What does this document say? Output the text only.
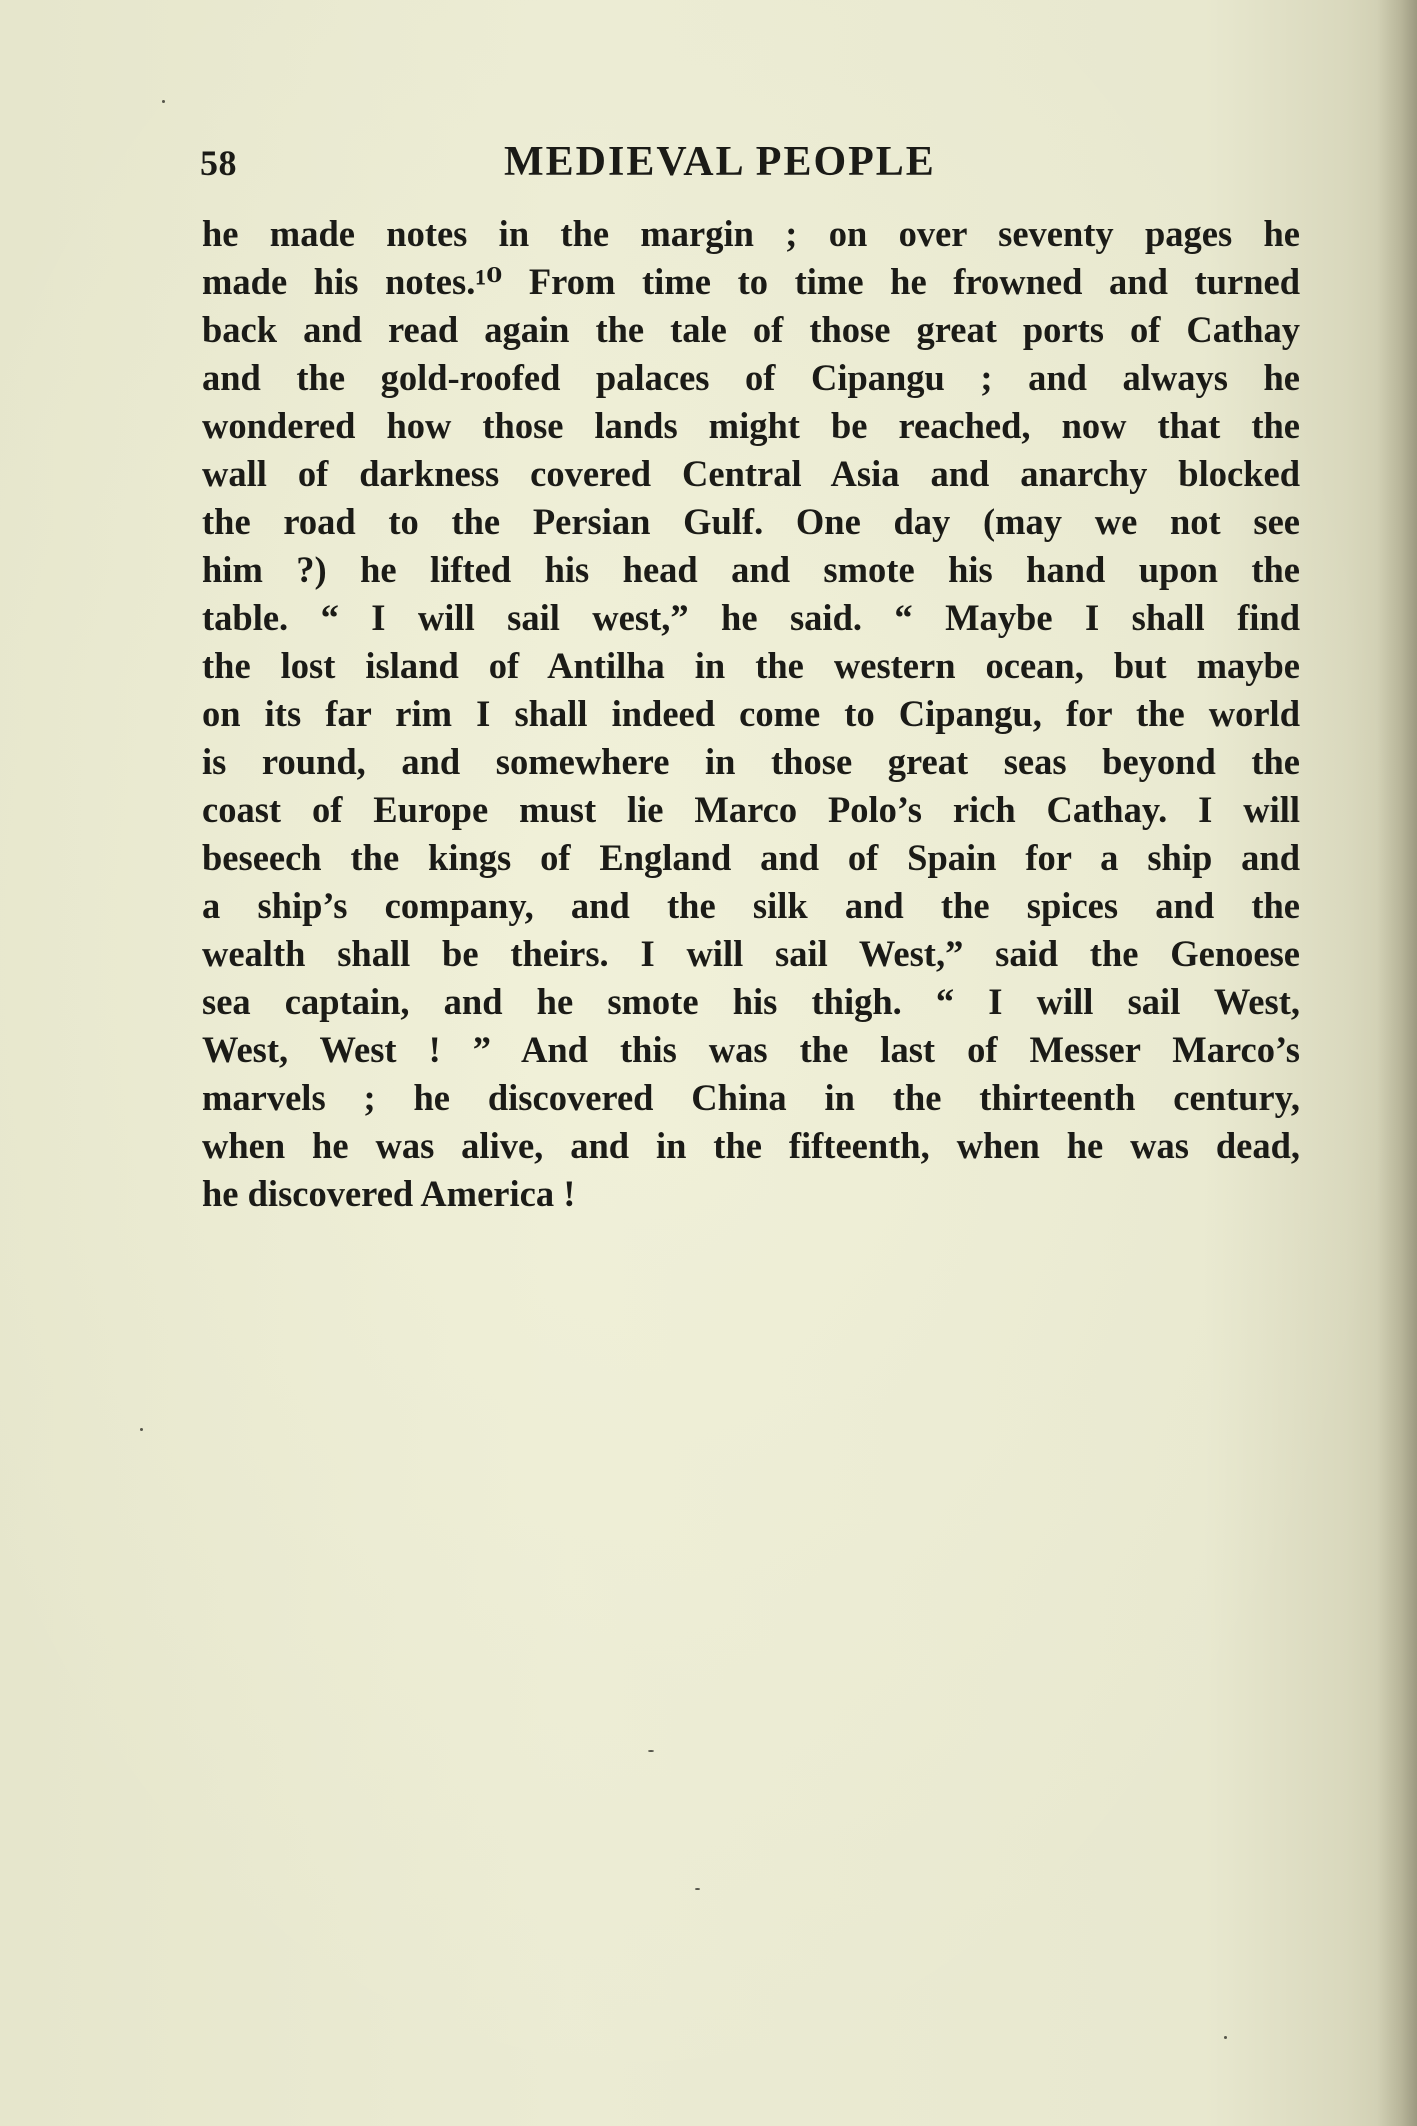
58	MEDIEVAL PEOPLE
he made notes in the margin ; on over seventy pages he
made his notes.¹⁰ From time to time he frowned and turned
back and read again the tale of those great ports of Cathay
and the gold-roofed palaces of Cipangu ; and always he
wondered how those lands might be reached, now that the
wall of darkness covered Central Asia and anarchy blocked
the road to the Persian Gulf. One day (may we not see
him ?) he lifted his head and smote his hand upon the
table. “ I will sail west,” he said. “ Maybe I shall find
the lost island of Antilha in the western ocean, but maybe
on its far rim I shall indeed come to Cipangu, for the world
is round, and somewhere in those great seas beyond the
coast of Europe must lie Marco Polo’s rich Cathay. I will
beseech the kings of England and of Spain for a ship and
a ship’s company, and the silk and the spices and the
wealth shall be theirs. I will sail West,” said the Genoese
sea captain, and he smote his thigh. “ I will sail West,
West, West ! ” And this was the last of Messer Marco’s
marvels ; he discovered China in the thirteenth century,
when he was alive, and in the fifteenth, when he was dead,
he discovered America !
